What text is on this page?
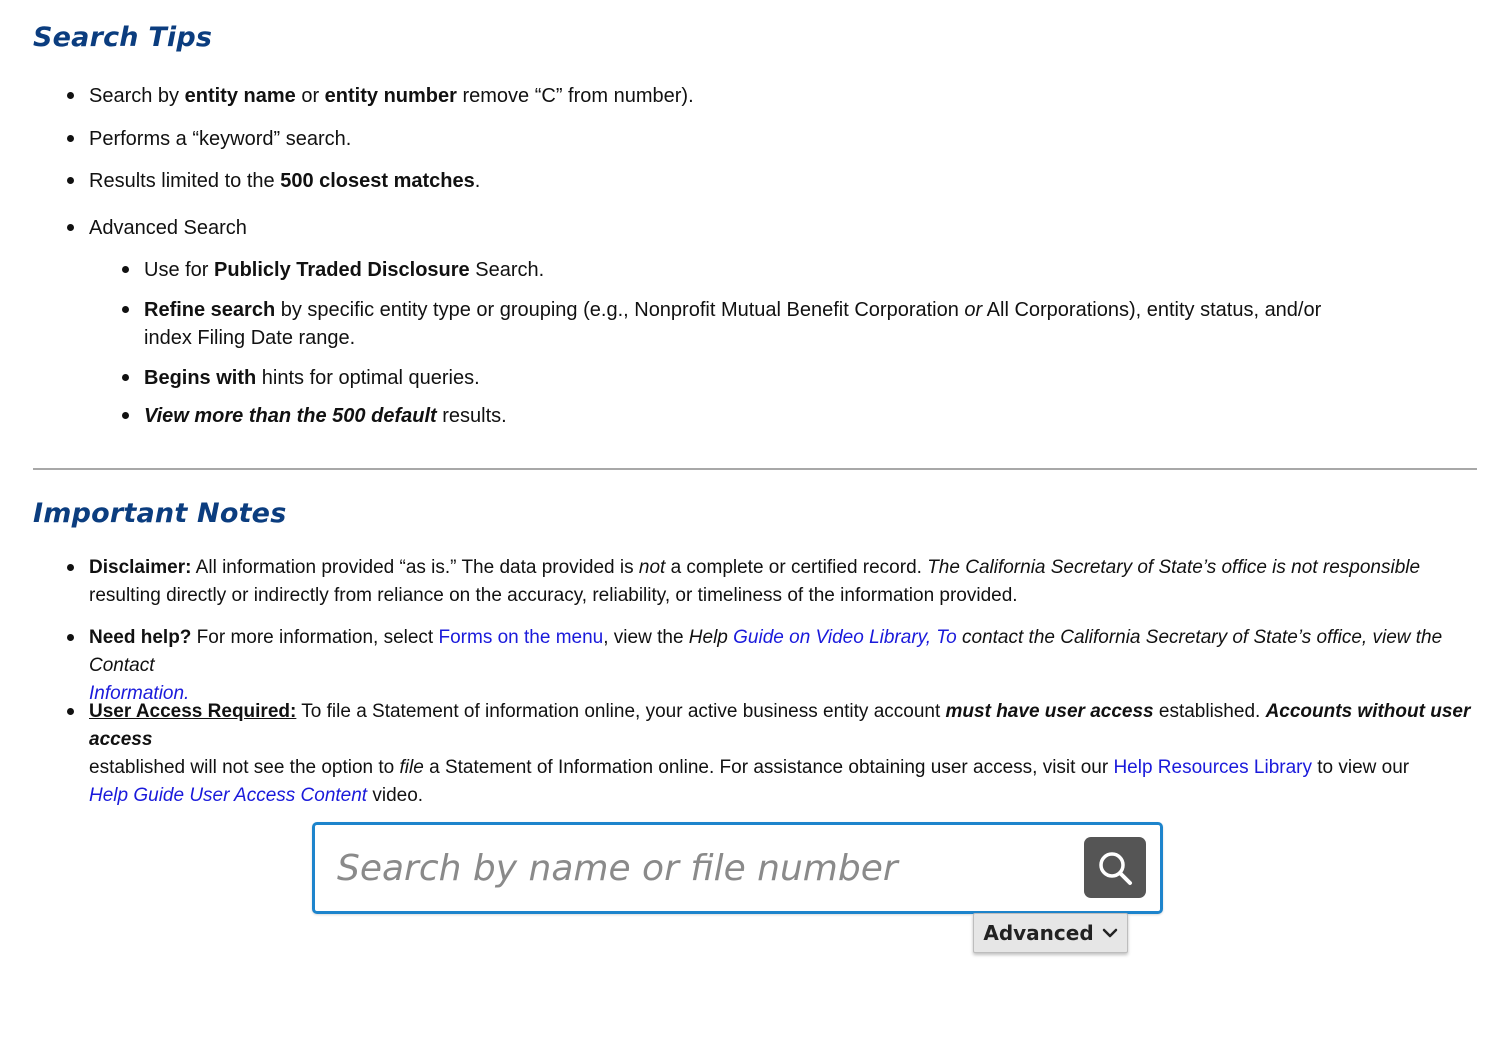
Search Tips
Search by entity name or entity number remove “C” from number).
Performs a “keyword” search.
Results limited to the 500 closest matches.
Advanced Search
Use for Publicly Traded Disclosure Search.
Refine search by specific entity type or grouping (e.g., Nonprofit Mutual Benefit Corporation or All Corporations), entity status, and/or
index Filing Date range.
Begins with hints for optimal queries.
View more than the 500 default results.
Important Notes
Disclaimer: All information provided “as is.” The data provided is not a complete or certified record. The California Secretary of State’s office is not responsible
resulting directly or indirectly from reliance on the accuracy, reliability, or timeliness of the information provided.
Need help? For more information, select Forms on the menu, view the Help Guide on Video Library, To contact the California Secretary of State’s office, view the Contact
Information.
User Access Required: To file a Statement of information online, your active business entity account must have user access established. Accounts without user access
established will not see the option to file a Statement of Information online. For assistance obtaining user access, visit our Help Resources Library to view our
Help Guide User Access Content video.
Search by name or file number
Advanced
